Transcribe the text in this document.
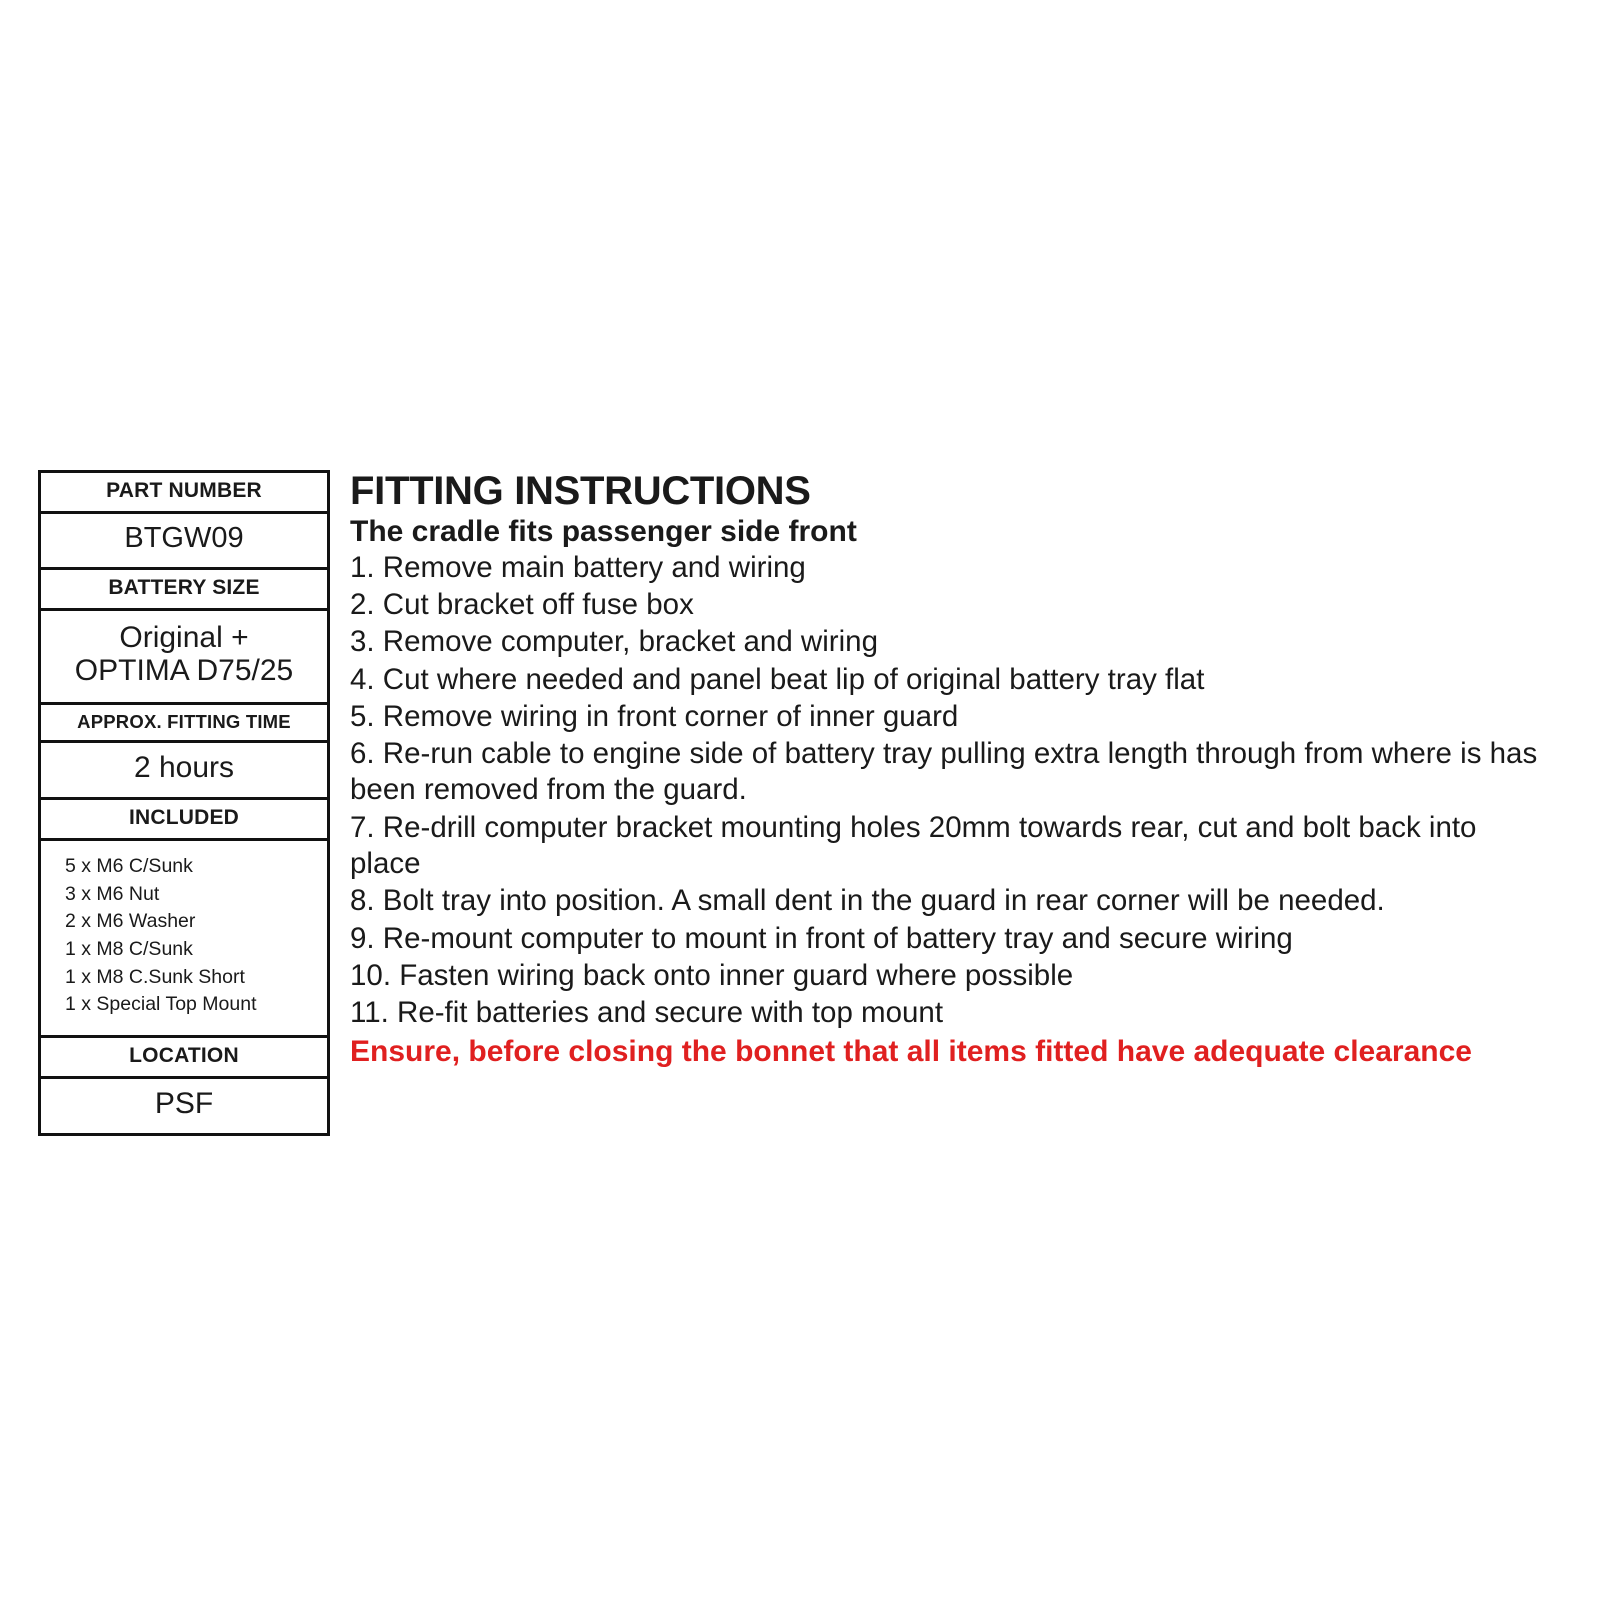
PART NUMBER
BTGW09
BATTERY SIZE
Original +
OPTIMA D75/25
APPROX. FITTING TIME
2 hours
INCLUDED
5 x M6 C/Sunk
3 x M6 Nut
2 x M6 Washer
1 x M8 C/Sunk
1 x M8 C.Sunk Short
1 x Special Top Mount
LOCATION
PSF
FITTING INSTRUCTIONS
The cradle fits passenger side front
1. Remove main battery and wiring
2. Cut bracket off fuse box
3. Remove computer, bracket and wiring
4. Cut where needed and panel beat lip of original battery tray flat
5. Remove wiring in front corner of inner guard
6. Re-run cable to engine side of battery tray pulling extra length through from where is has been removed from the guard.
7. Re-drill computer bracket mounting holes 20mm towards rear, cut and bolt back into place
8. Bolt tray into position. A small dent in the guard in rear corner will be needed.
9. Re-mount computer to mount in front of battery tray and secure wiring
10. Fasten wiring back onto inner guard where possible
11. Re-fit batteries and secure with top mount
Ensure, before closing the bonnet that all items fitted have adequate clearance
